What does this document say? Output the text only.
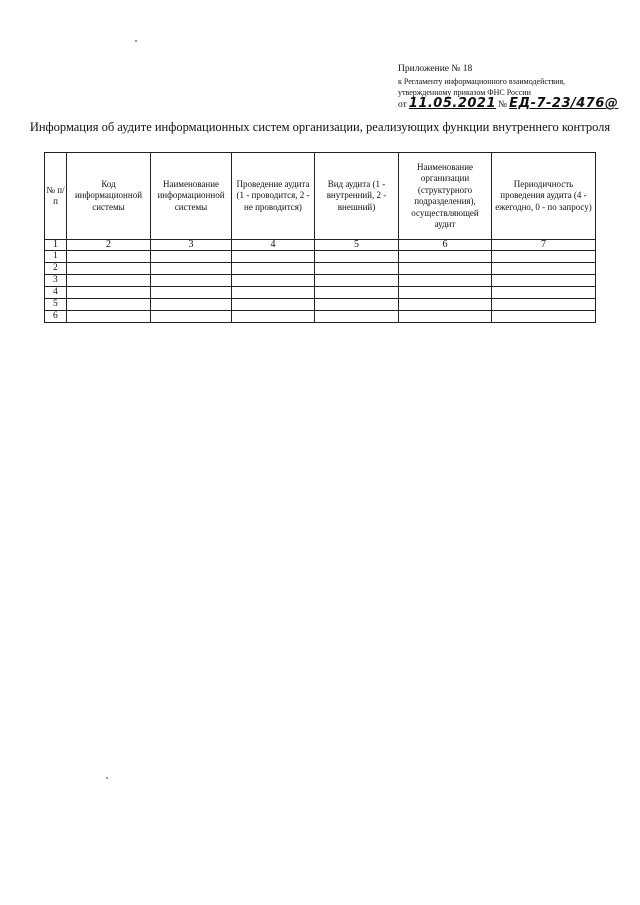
Приложение № 18
к Регламенту информационного взаимодействия,
утвержденному приказом ФНС России
от 11.05.2021 № ЕД-7-23/476@
Информация об аудите информационных систем организации, реализующих функции внутреннего контроля
№ п/п	Код информационной системы	Наименование информационной системы	Проведение аудита (1 - проводится, 2 - не проводится)	Вид аудита (1 - внутренний, 2 - внешний)	Наименование организации (структурного подразделения), осуществляющей аудит	Периодичность проведения аудита (4 - ежегодно, 0 - по запросу)
1	2	3	4	5	6	7
1						
2						
3						
4						
5						
6						
